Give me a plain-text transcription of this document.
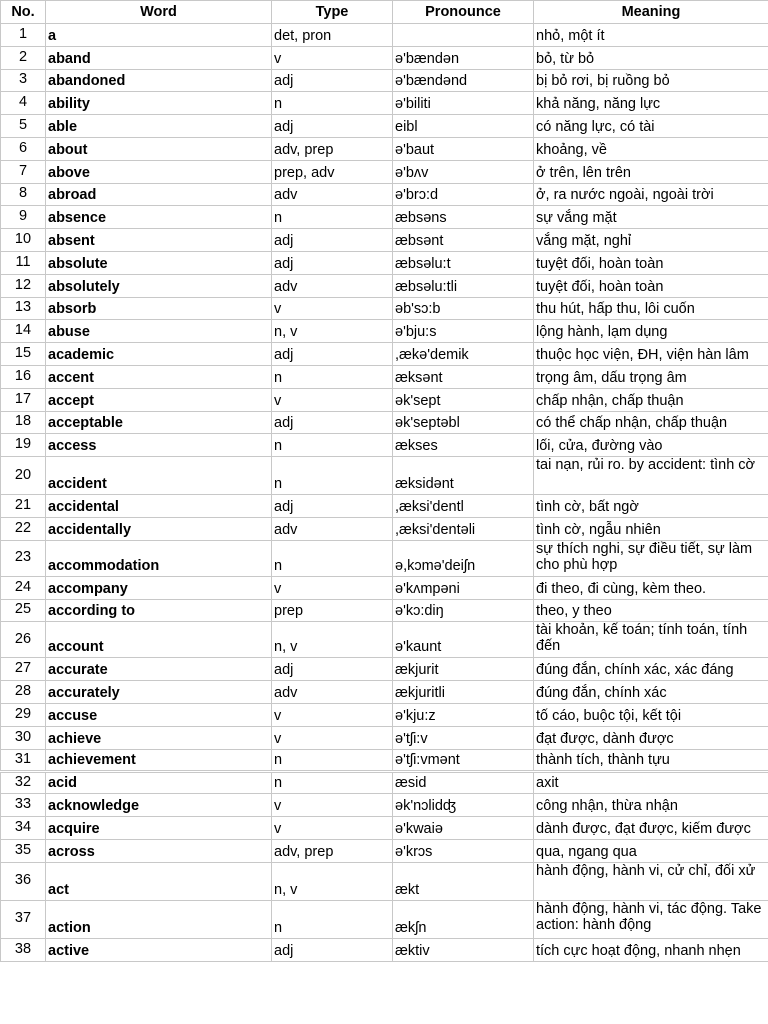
No.	Word	Type	Pronounce	Meaning
1	a	det, pron		nhỏ, một ít
2	aband	v	ə'bændən	bỏ, từ bỏ
3	abandoned	adj	ə'bændənd	bị bỏ rơi, bị ruồng bỏ
4	ability	n	ə'biliti	khả năng, năng lực
5	able	adj	eibl	có năng lực, có tài
6	about	adv, prep	ə'baut	khoảng, về
7	above	prep, adv	ə'bʌv	ở trên, lên trên
8	abroad	adv	ə'brɔ:d	ở, ra nước ngoài, ngoài trời
9	absence	n	æbsəns	sự vắng mặt
10	absent	adj	æbsənt	vắng mặt, nghỉ
11	absolute	adj	æbsəlu:t	tuyệt đối, hoàn toàn
12	absolutely	adv	æbsəlu:tli	tuyệt đối, hoàn toàn
13	absorb	v	əb'sɔ:b	thu hút, hấp thu, lôi cuốn
14	abuse	n, v	ə'bju:s	lộng hành, lạm dụng
15	academic	adj	,ækə'demik	thuộc học viện, ĐH, viện hàn lâm
16	accent	n	æksənt	trọng âm, dấu trọng âm
17	accept	v	ək'sept	chấp nhận, chấp thuận
18	acceptable	adj	ək'septəbl	có thể chấp nhận, chấp thuận
19	access	n	ækses	lối, cửa, đường vào
20	accident	n	æksidənt	tai nạn, rủi ro. by accident: tình cờ
21	accidental	adj	,æksi'dentl	tình cờ, bất ngờ
22	accidentally	adv	,æksi'dentəli	tình cờ, ngẫu nhiên
23	accommodation	n	ə,kɔmə'deiʃn	sự thích nghi, sự điều tiết, sự làm cho phù hợp
24	accompany	v	ə'kʌmpəni	đi theo, đi cùng, kèm theo.
25	according to	prep	ə'kɔ:diŋ	theo, y theo
26	account	n, v	ə'kaunt	tài khoản, kế toán; tính toán, tính đến
27	accurate	adj	ækjurit	đúng đắn, chính xác, xác đáng
28	accurately	adv	ækjuritli	đúng đắn, chính xác
29	accuse	v	ə'kju:z	tố cáo, buộc tội, kết tội
30	achieve	v	ə'tʃi:v	đạt được, dành được
31	achievement	n	ə'tʃi:vmənt	thành tích, thành tựu
32	acid	n	æsid	axit
33	acknowledge	v	ək'nɔlidʤ	công nhận, thừa nhận
34	acquire	v	ə'kwaiə	dành được, đạt được, kiếm được
35	across	adv, prep	ə'krɔs	qua, ngang qua
36	act	n, v	ækt	hành động, hành vi, cử chỉ, đối xử
37	action	n	ækʃn	hành động, hành vi, tác động. Take action: hành động
38	active	adj	æktiv	tích cực hoạt động, nhanh nhẹn
